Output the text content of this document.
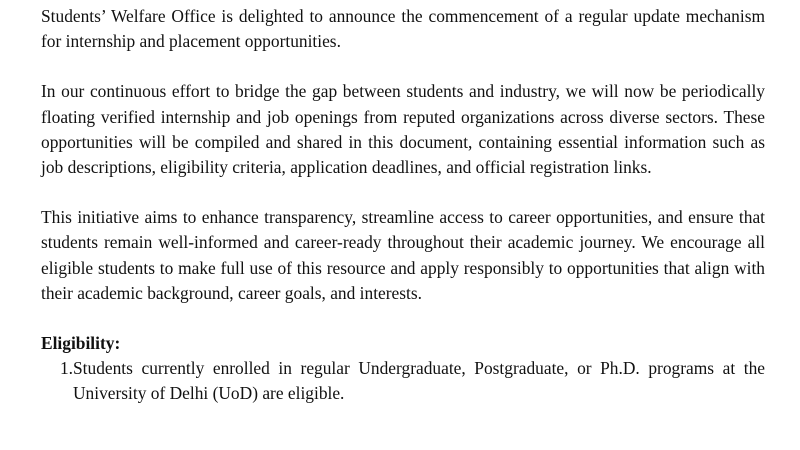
Students’ Welfare Office is delighted to announce the commencement of a regular update mechanism for internship and placement opportunities.

In our continuous effort to bridge the gap between students and industry, we will now be periodically floating verified internship and job openings from reputed organizations across diverse sectors. These opportunities will be compiled and shared in this document, containing essential information such as job descriptions, eligibility criteria, application deadlines, and official registration links.

This initiative aims to enhance transparency, streamline access to career opportunities, and ensure that students remain well-informed and career-ready throughout their academic journey. We encourage all eligible students to make full use of this resource and apply responsibly to opportunities that align with their academic background, career goals, and interests.

Eligibility:

1. Students currently enrolled in regular Undergraduate, Postgraduate, or Ph.D. programs at the University of Delhi (UoD) are eligible.
